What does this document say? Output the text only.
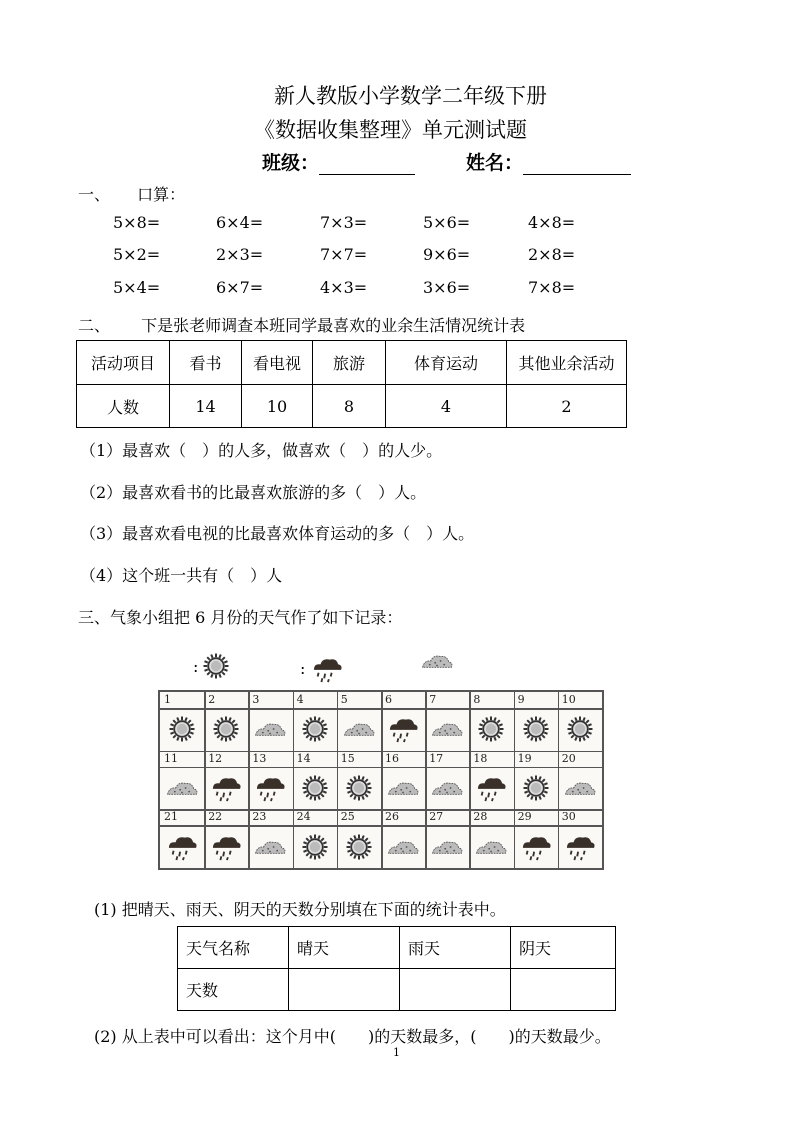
新人教版小学数学二年级下册
《数据收集整理》单元测试题
班级：	姓名：
一、 口算：
5×8=	6×4=	7×3=	5×6=	4×8=
5×2=	2×3=	7×7=	9×6=	2×8=
5×4=	6×7=	4×3=	3×6=	7×8=
二、 下是张老师调查本班同学最喜欢的业余生活情况统计表
活动项目	看书	看电视	旅游	体育运动	其他业余活动
人数	14	10	8	4	2
（1）最喜欢（　）的人多，做喜欢（　）的人少。
（2）最喜欢看书的比最喜欢旅游的多（　）人。
（3）最喜欢看电视的比最喜欢体育运动的多（　）人。
（4）这个班一共有（　）人
三、气象小组把 6 月份的天气作了如下记录：
:	:
1	2	3	4	5	6	7	8	9	10
11	12	13	14	15	16	17	18	19	20
21	22	23	24	25	26	27	28	29	30
(1) 把晴天、雨天、阴天的天数分别填在下面的统计表中。
天气名称	晴天	雨天	阴天
天数			
(2) 从上表中可以看出：这个月中(　　)的天数最多，(　　)的天数最少。
1
